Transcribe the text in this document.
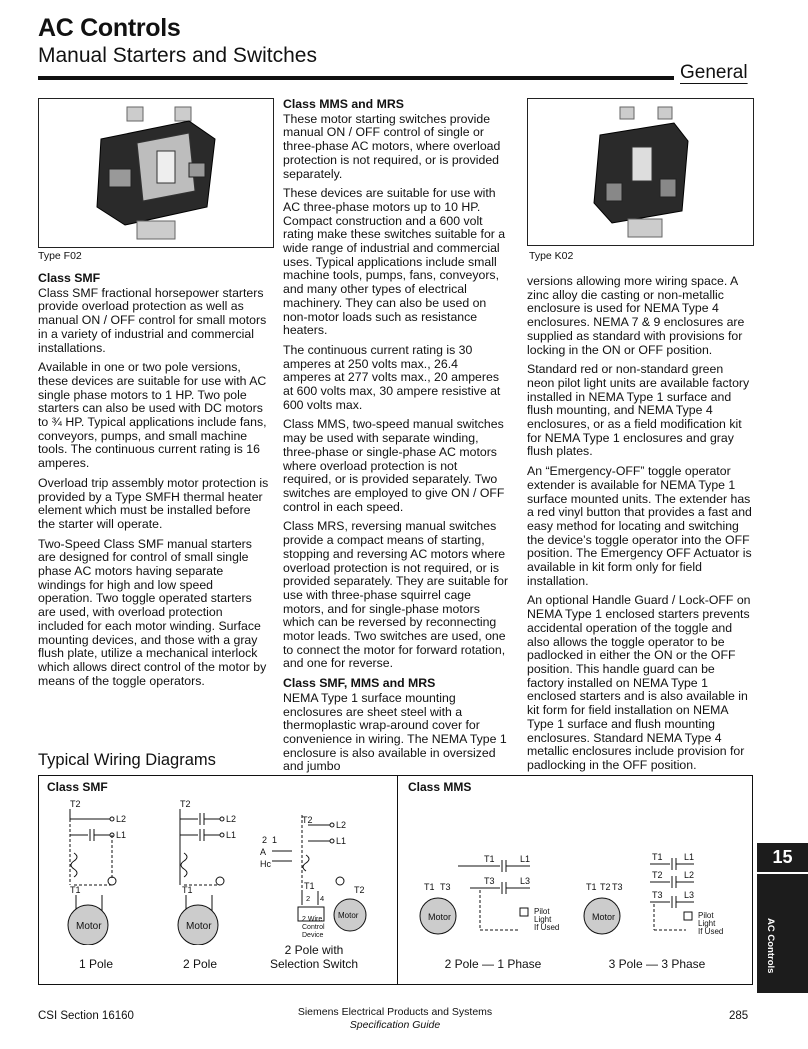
AC Controls
Manual Starters and Switches
General
Type F02	Type K02
Class SMF

Class SMF fractional horsepower starters provide overload protection as well as manual ON / OFF control for small motors in a variety of industrial and commercial installations.

Available in one or two pole versions, these devices are suitable for use with AC single phase motors to 1 HP. Two pole starters can also be used with DC motors to ¾ HP. Typical applications include fans, conveyors, pumps, and small machine tools. The continuous current rating is 16 amperes.

Overload trip assembly motor protection is provided by a Type SMFH thermal heater element which must be installed before the starter will operate.

Two-Speed Class SMF manual starters are designed for control of small single phase AC motors having separate windings for high and low speed operation. Two toggle operated starters are used, with overload protection included for each motor winding. Surface mounting devices, and those with a gray flush plate, utilize a mechanical interlock which allows direct control of the motor by means of the toggle operators.

Class MMS and MRS

These motor starting switches provide manual ON / OFF control of single or three-phase AC motors, where overload protection is not required, or is provided separately.

These devices are suitable for use with AC three-phase motors up to 10 HP. Compact construction and a 600 volt rating make these switches suitable for a wide range of industrial and commercial uses. Typical applications include small machine tools, pumps, fans, conveyors, and many other types of electrical machinery. They can also be used on non-motor loads such as resistance heaters.

The continuous current rating is 30 amperes at 250 volts max., 26.4 amperes at 277 volts max., 20 amperes at 600 volts max, 30 ampere resistive at 600 volts max.

Class MMS, two-speed manual switches may be used with separate winding, three-phase or single-phase AC motors where overload protection is not required, or is provided separately. Two switches are employed to give ON / OFF control in each speed.

Class MRS, reversing manual switches provide a compact means of starting, stopping and reversing AC motors where overload protection is not required, or is provided separately. They are suitable for use with three-phase squirrel cage motors, and for single-phase motors which can be reversed by reconnecting motor leads. Two switches are used, one to connect the motor for forward rotation, and one for reverse.

Class SMF, MMS and MRS

NEMA Type 1 surface mounting enclosures are sheet steel with a thermoplastic wrap-around cover for convenience in wiring. The NEMA Type 1 enclosure is also available in oversized and jumbo

versions allowing more wiring space. A zinc alloy die casting or non-metallic enclosure is used for NEMA Type 4 enclosures. NEMA 7 & 9 enclosures are supplied as standard with provisions for locking in the ON or OFF position.

Standard red or non-standard green neon pilot light units are available factory installed in NEMA Type 1 surface and flush mounting, and NEMA Type 4 enclosures, or as a field modification kit for NEMA Type 1 enclosures and gray flush plates.

An “Emergency-OFF” toggle operator extender is available for NEMA Type 1 surface mounted units. The extender has a red vinyl button that provides a fast and easy method for locating and switching the device’s toggle operator into the OFF position. The Emergency OFF Actuator is available in kit form only for field installation.

An optional Handle Guard / Lock-OFF on NEMA Type 1 enclosed starters prevents accidental operation of the toggle and also allows the toggle operator to be padlocked in either the ON or the OFF position. This handle guard can be factory installed on NEMA Type 1 enclosed starters and is also available in kit form for field installation on NEMA Type 1 surface and flush mounting enclosures. Standard NEMA Type 4 metallic enclosures include provision for padlocking in the OFF position.

Typical Wiring Diagrams
Class SMF	Class MMS
T2
L2
L1
T1
T2
L2
L1
T1
T2	L2
L1
2 1
A
Hc
T1
2 4
T2
2 Wire
Control
Device
Motor	Motor
Motor
1 Pole	2 Pole
2 Pole with
Selection Switch
T1	L1
T1 T3
T3	L3
Pilot
Light
If Used
Motor
T1 L1
T2 L2
T3 L3
T1 T2 T3
Pilot
Light
If Used
Motor
2 Pole — 1 Phase	3 Pole — 3 Phase
15
AC Controls
CSI Section 16160	Siemens Electrical Products and Systems
Specification Guide
285
